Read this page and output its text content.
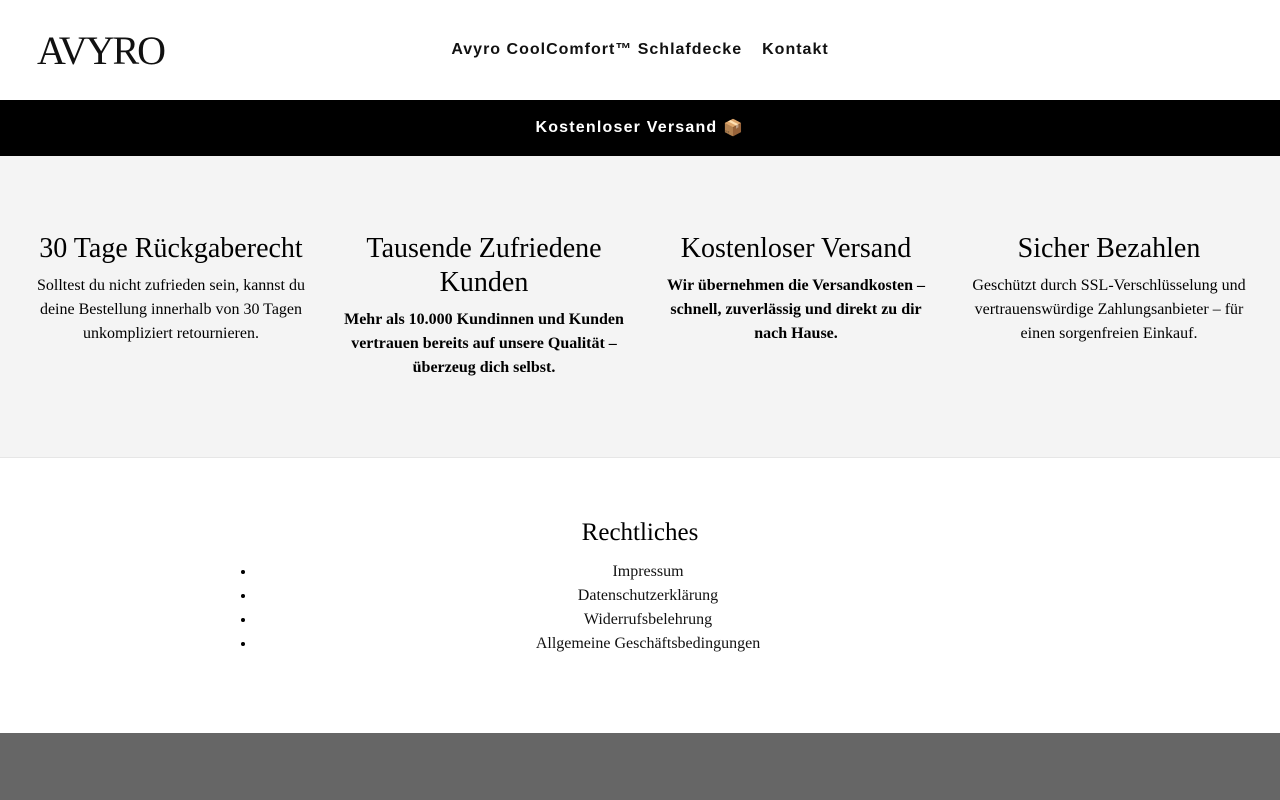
AVYRO	Avyro CoolComfort™ Schlafdecke Kontakt
Kostenloser Versand 📦
30 Tage Rückgaberecht

Solltest du nicht zufrieden sein, kannst du deine Bestellung innerhalb von 30 Tagen unkompliziert retournieren.

Tausende Zufriedene Kunden

Mehr als 10.000 Kundinnen und Kunden vertrauen bereits auf unsere Qualität – überzeug dich selbst.

Kostenloser Versand

Wir übernehmen die Versandkosten – schnell, zuverlässig und direkt zu dir nach Hause.

Sicher Bezahlen

Geschützt durch SSL-Verschlüsselung und vertrauenswürdige Zahlungsanbieter – für einen sorgenfreien Einkauf.

Rechtliches
• Impressum
• Datenschutzerklärung
• Widerrufsbelehrung
• Allgemeine Geschäftsbedingungen
